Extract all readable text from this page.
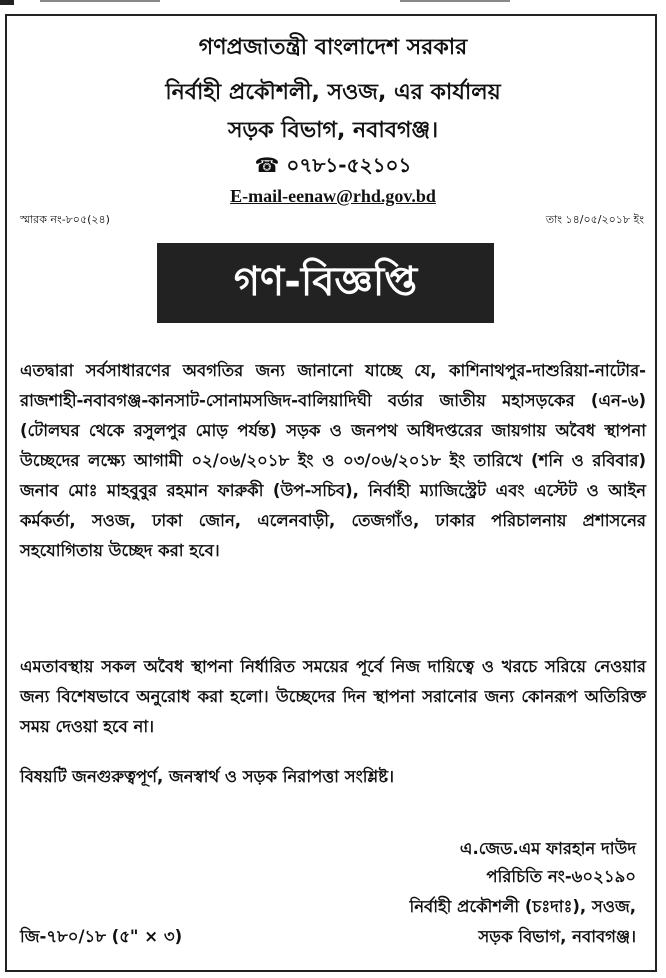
গণপ্রজাতন্ত্রী বাংলাদেশ সরকার
নির্বাহী প্রকৌশলী, সওজ, এর কার্যালয়
সড়ক বিভাগ, নবাবগঞ্জ।
☎ ০৭৮১-৫২১০১
E-mail-eenaw@rhd.gov.bd
স্মারক নং-৮০৫(২৪)	তাং ১৪/০৫/২০১৮ ইং
গণ-বিজ্ঞপ্তি
এতদ্বারা সর্বসাধারণের অবগতির জন্য জানানো যাচ্ছে যে, কাশিনাথপুর-দাশুরিয়া-নাটোর- রাজশাহী-নবাবগঞ্জ-কানসাট-সোনামসজিদ-বালিয়াদিঘী বর্ডার জাতীয় মহাসড়কের (এন-৬) (টোলঘর থেকে রসুলপুর মোড় পর্যন্ত) সড়ক ও জনপথ অধিদপ্তরের জায়গায় অবৈধ স্থাপনা উচ্ছেদের লক্ষ্যে আগামী ০২/০৬/২০১৮ ইং ও ০৩/০৬/২০১৮ ইং তারিখে (শনি ও রবিবার) জনাব মোঃ মাহবুবুর রহমান ফারুকী (উপ-সচিব), নির্বাহী ম্যাজিস্ট্রেট এবং এস্টেট ও আইন কর্মকর্তা, সওজ, ঢাকা জোন, এলেনবাড়ী, তেজগাঁও, ঢাকার পরিচালনায় প্রশাসনের সহযোগিতায় উচ্ছেদ করা হবে।
এমতাবস্থায় সকল অবৈধ স্থাপনা নির্ধারিত সময়ের পূর্বে নিজ দায়িত্বে ও খরচে সরিয়ে নেওয়ার জন্য বিশেষভাবে অনুরোধ করা হলো। উচ্ছেদের দিন স্থাপনা সরানোর জন্য কোনরূপ অতিরিক্ত সময় দেওয়া হবে না।
বিষয়টি জনগুরুত্বপূর্ণ, জনস্বার্থ ও সড়ক নিরাপত্তা সংশ্লিষ্ট।
এ.জেড.এম ফারহান দাউদ
পরিচিতি নং-৬০২১৯০
নির্বাহী প্রকৌশলী (চঃদাঃ), সওজ,
সড়ক বিভাগ, নবাবগঞ্জ।
জি-৭৮০/১৮ (৫" × ৩)
